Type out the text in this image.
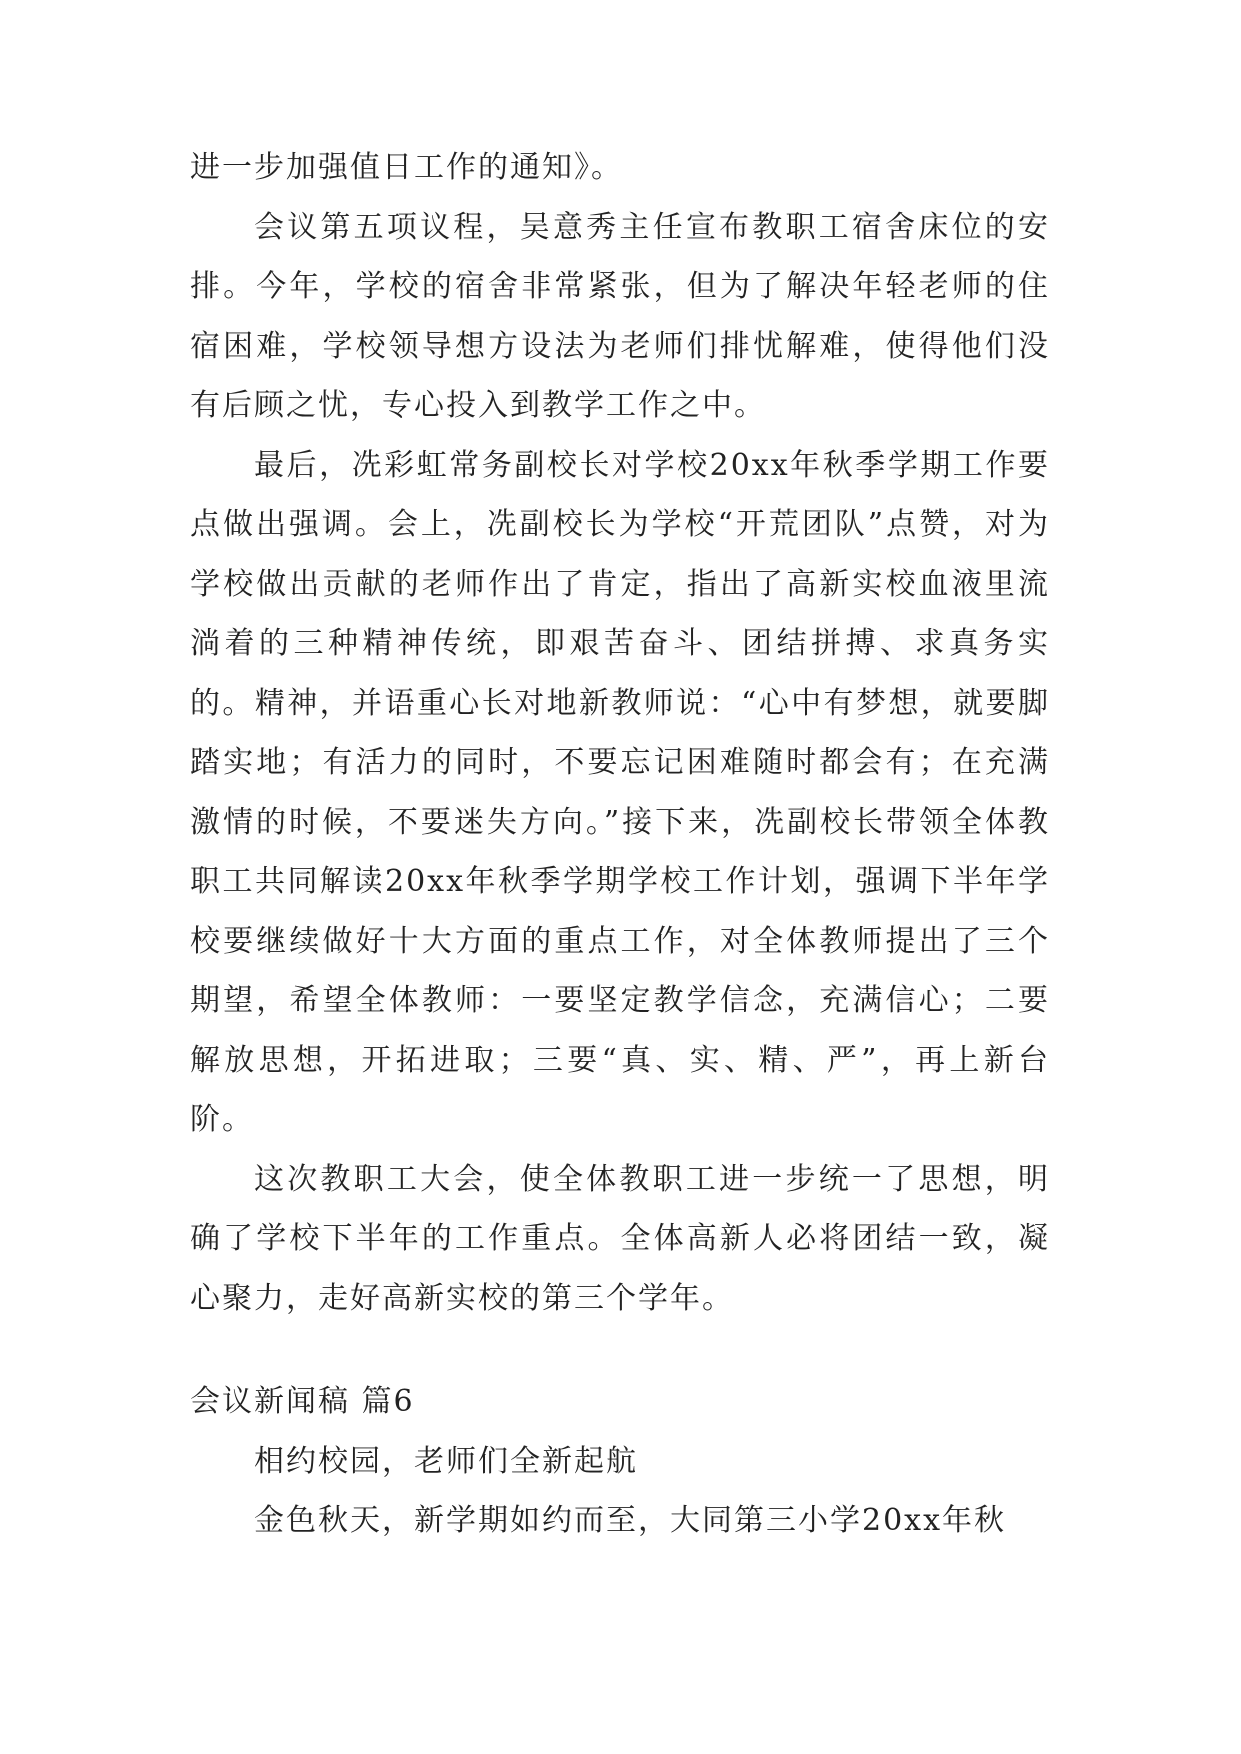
进一步加强值日工作的通知》。

会议第五项议程，吴意秀主任宣布教职工宿舍床位的安排。今年，学校的宿舍非常紧张，但为了解决年轻老师的住宿困难，学校领导想方设法为老师们排忧解难，使得他们没有后顾之忧，专心投入到教学工作之中。

最后，冼彩虹常务副校长对学校20xx年秋季学期工作要点做出强调。会上，冼副校长为学校“开荒团队”点赞，对为学校做出贡献的老师作出了肯定，指出了高新实校血液里流淌着的三种精神传统，即艰苦奋斗、团结拼搏、求真务实的。精神，并语重心长对地新教师说：“心中有梦想，就要脚踏实地；有活力的同时，不要忘记困难随时都会有；在充满激情的时候，不要迷失方向。”接下来，冼副校长带领全体教职工共同解读20xx年秋季学期学校工作计划，强调下半年学校要继续做好十大方面的重点工作，对全体教师提出了三个期望，希望全体教师：一要坚定教学信念，充满信心；二要解放思想，开拓进取；三要“真、实、精、严”，再上新台阶。

这次教职工大会，使全体教职工进一步统一了思想，明确了学校下半年的工作重点。全体高新人必将团结一致，凝心聚力，走好高新实校的第三个学年。

会议新闻稿 篇6

相约校园，老师们全新起航

金色秋天，新学期如约而至，大同第三小学20xx年秋
